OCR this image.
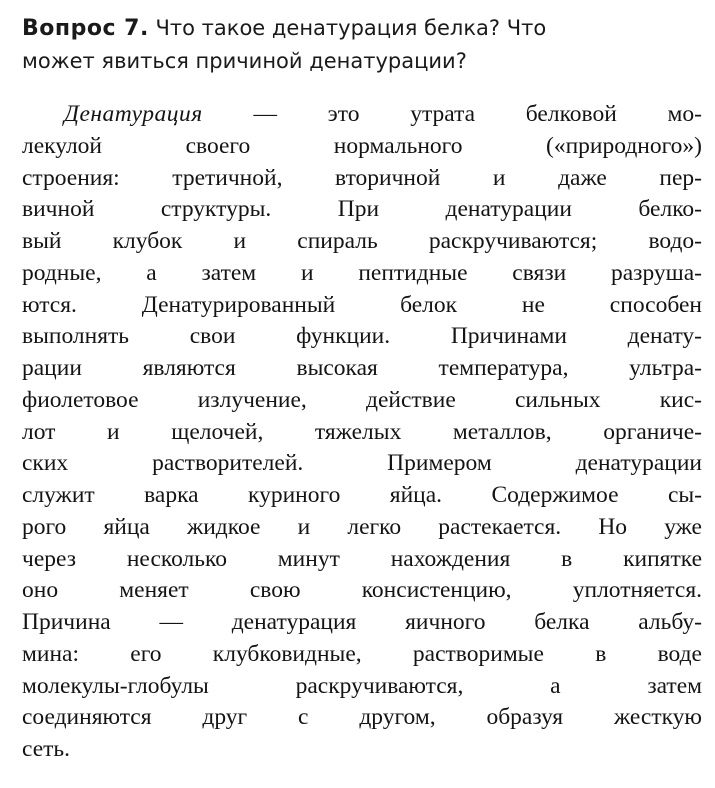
Вопрос 7. Что такое денатурация белка? Что
может явиться причиной денатурации?
Денатурация — это утрата белковой мо-
лекулой своего нормального («природного»)
строения: третичной, вторичной и даже пер-
вичной структуры. При денатурации белко-
вый клубок и спираль раскручиваются; водо-
родные, а затем и пептидные связи разруша-
ются. Денатурированный белок не способен
выполнять свои функции. Причинами денату-
рации являются высокая температура, ультра-
фиолетовое излучение, действие сильных кис-
лот и щелочей, тяжелых металлов, органиче-
ских растворителей. Примером денатурации
служит варка куриного яйца. Содержимое сы-
рого яйца жидкое и легко растекается. Но уже
через несколько минут нахождения в кипятке
оно меняет свою консистенцию, уплотняется.
Причина — денатурация яичного белка альбу-
мина: его клубковидные, растворимые в воде
молекулы-глобулы раскручиваются, а затем
соединяются друг с другом, образуя жесткую
сеть.
